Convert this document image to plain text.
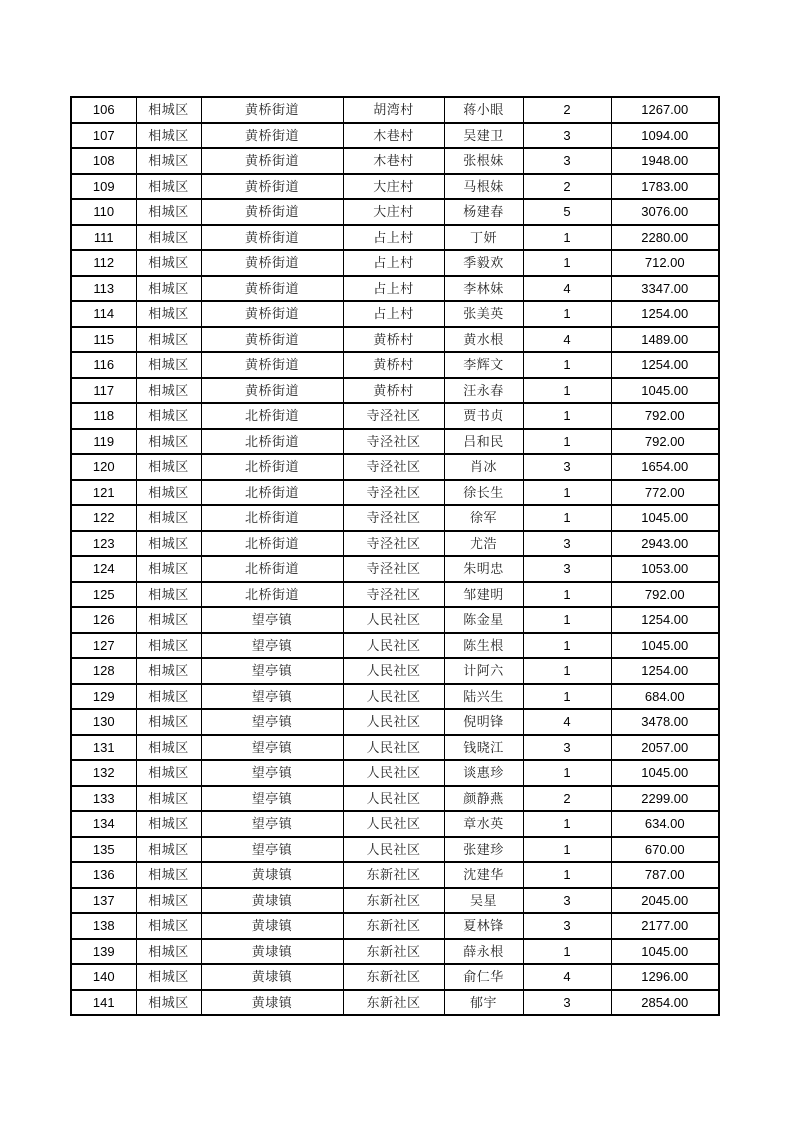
106	相城区	黄桥街道	胡湾村	蒋小眼	2	1267.00
107	相城区	黄桥街道	木巷村	吴建卫	3	1094.00
108	相城区	黄桥街道	木巷村	张根妹	3	1948.00
109	相城区	黄桥街道	大庄村	马根妹	2	1783.00
110	相城区	黄桥街道	大庄村	杨建春	5	3076.00
111	相城区	黄桥街道	占上村	丁妍	1	2280.00
112	相城区	黄桥街道	占上村	季毅欢	1	712.00
113	相城区	黄桥街道	占上村	李林妹	4	3347.00
114	相城区	黄桥街道	占上村	张美英	1	1254.00
115	相城区	黄桥街道	黄桥村	黄水根	4	1489.00
116	相城区	黄桥街道	黄桥村	李辉文	1	1254.00
117	相城区	黄桥街道	黄桥村	汪永春	1	1045.00
118	相城区	北桥街道	寺泾社区	贾书贞	1	792.00
119	相城区	北桥街道	寺泾社区	吕和民	1	792.00
120	相城区	北桥街道	寺泾社区	肖冰	3	1654.00
121	相城区	北桥街道	寺泾社区	徐长生	1	772.00
122	相城区	北桥街道	寺泾社区	徐军	1	1045.00
123	相城区	北桥街道	寺泾社区	尤浩	3	2943.00
124	相城区	北桥街道	寺泾社区	朱明忠	3	1053.00
125	相城区	北桥街道	寺泾社区	邹建明	1	792.00
126	相城区	望亭镇	人民社区	陈金星	1	1254.00
127	相城区	望亭镇	人民社区	陈生根	1	1045.00
128	相城区	望亭镇	人民社区	计阿六	1	1254.00
129	相城区	望亭镇	人民社区	陆兴生	1	684.00
130	相城区	望亭镇	人民社区	倪明锋	4	3478.00
131	相城区	望亭镇	人民社区	钱晓江	3	2057.00
132	相城区	望亭镇	人民社区	谈惠珍	1	1045.00
133	相城区	望亭镇	人民社区	颜静燕	2	2299.00
134	相城区	望亭镇	人民社区	章水英	1	634.00
135	相城区	望亭镇	人民社区	张建珍	1	670.00
136	相城区	黄埭镇	东新社区	沈建华	1	787.00
137	相城区	黄埭镇	东新社区	吴星	3	2045.00
138	相城区	黄埭镇	东新社区	夏林锋	3	2177.00
139	相城区	黄埭镇	东新社区	薛永根	1	1045.00
140	相城区	黄埭镇	东新社区	俞仁华	4	1296.00
141	相城区	黄埭镇	东新社区	郁宇	3	2854.00
